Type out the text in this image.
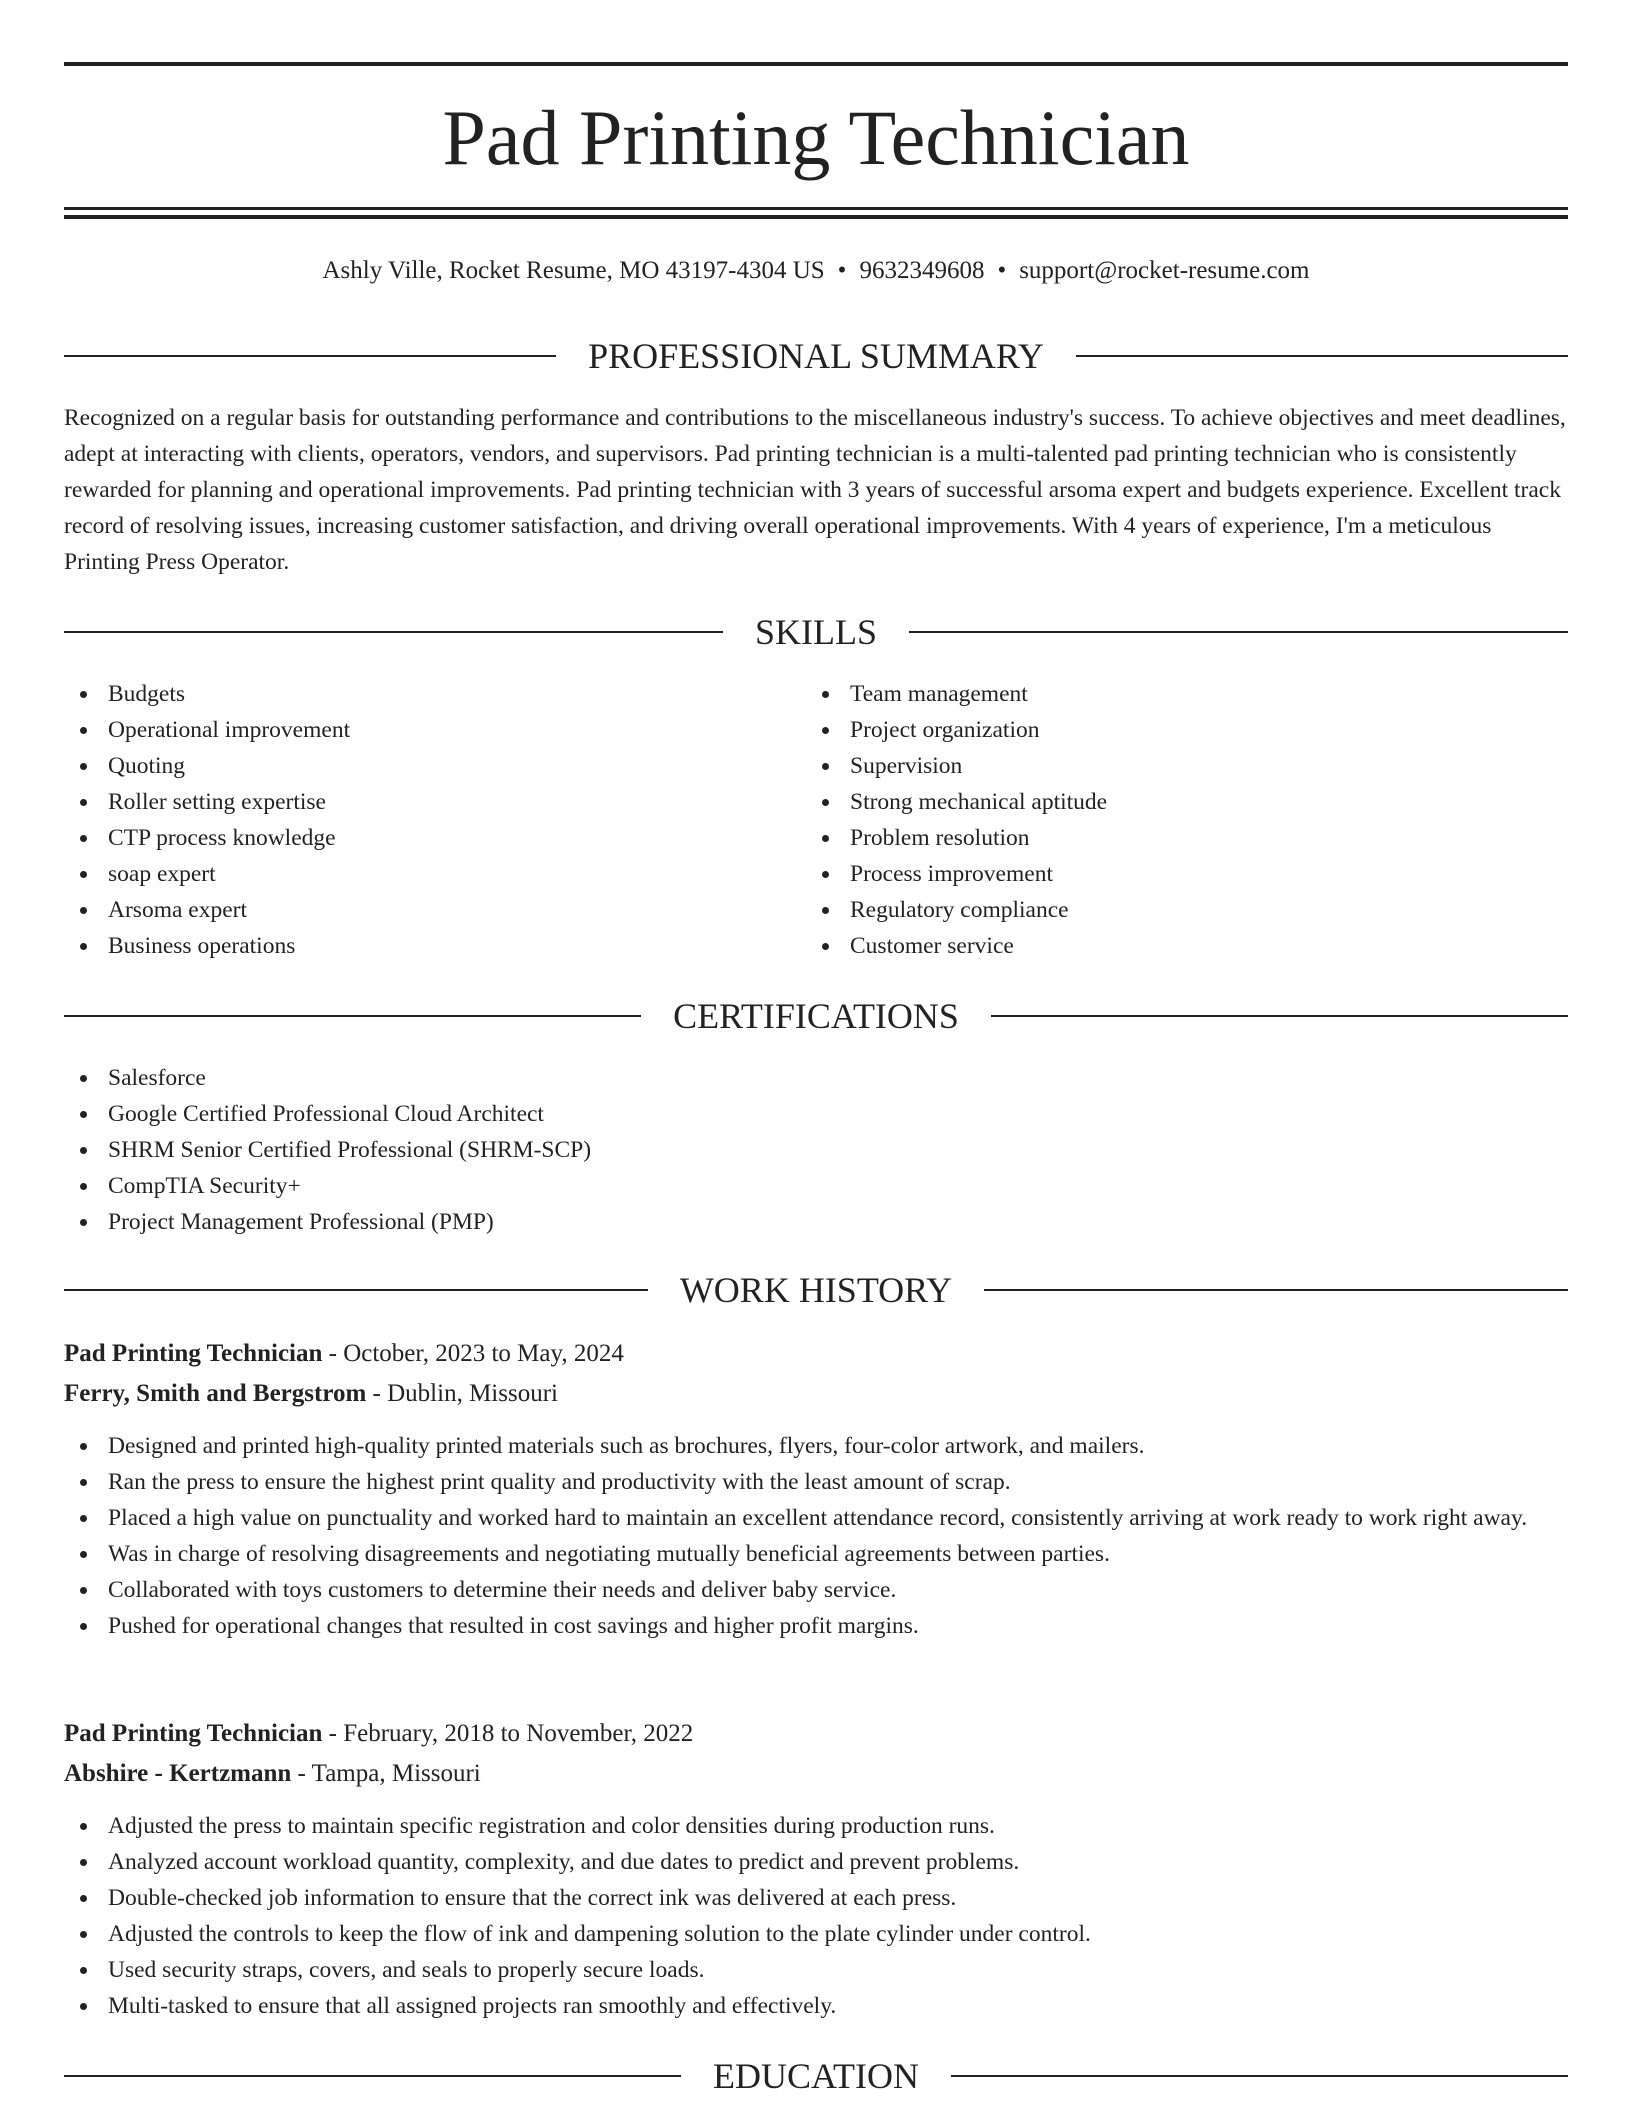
Pad Printing Technician
Ashly Ville, Rocket Resume, MO 43197-4304 US • 9632349608 • support@rocket-resume.com
PROFESSIONAL SUMMARY

Recognized on a regular basis for outstanding performance and contributions to the miscellaneous industry's success. To achieve objectives and meet deadlines, adept at interacting with clients, operators, vendors, and supervisors. Pad printing technician is a multi-talented pad printing technician who is consistently rewarded for planning and operational improvements. Pad printing technician with 3 years of successful arsoma expert and budgets experience. Excellent track record of resolving issues, increasing customer satisfaction, and driving overall operational improvements. With 4 years of experience, I'm a meticulous Printing Press Operator.

SKILLS
Budgets
Operational improvement
Quoting
Roller setting expertise
CTP process knowledge
soap expert
Arsoma expert
Business operations
Team management
Project organization
Supervision
Strong mechanical aptitude
Problem resolution
Process improvement
Regulatory compliance
Customer service
CERTIFICATIONS
Salesforce
Google Certified Professional Cloud Architect
SHRM Senior Certified Professional (SHRM-SCP)
CompTIA Security+
Project Management Professional (PMP)
WORK HISTORY
Pad Printing Technician - October, 2023 to May, 2024
Ferry, Smith and Bergstrom - Dublin, Missouri
Designed and printed high-quality printed materials such as brochures, flyers, four-color artwork, and mailers.
Ran the press to ensure the highest print quality and productivity with the least amount of scrap.
Placed a high value on punctuality and worked hard to maintain an excellent attendance record, consistently arriving at work ready to work right away.
Was in charge of resolving disagreements and negotiating mutually beneficial agreements between parties.
Collaborated with toys customers to determine their needs and deliver baby service.
Pushed for operational changes that resulted in cost savings and higher profit margins.
Pad Printing Technician - February, 2018 to November, 2022
Abshire - Kertzmann - Tampa, Missouri
Adjusted the press to maintain specific registration and color densities during production runs.
Analyzed account workload quantity, complexity, and due dates to predict and prevent problems.
Double-checked job information to ensure that the correct ink was delivered at each press.
Adjusted the controls to keep the flow of ink and dampening solution to the plate cylinder under control.
Used security straps, covers, and seals to properly secure loads.
Multi-tasked to ensure that all assigned projects ran smoothly and effectively.
EDUCATION
